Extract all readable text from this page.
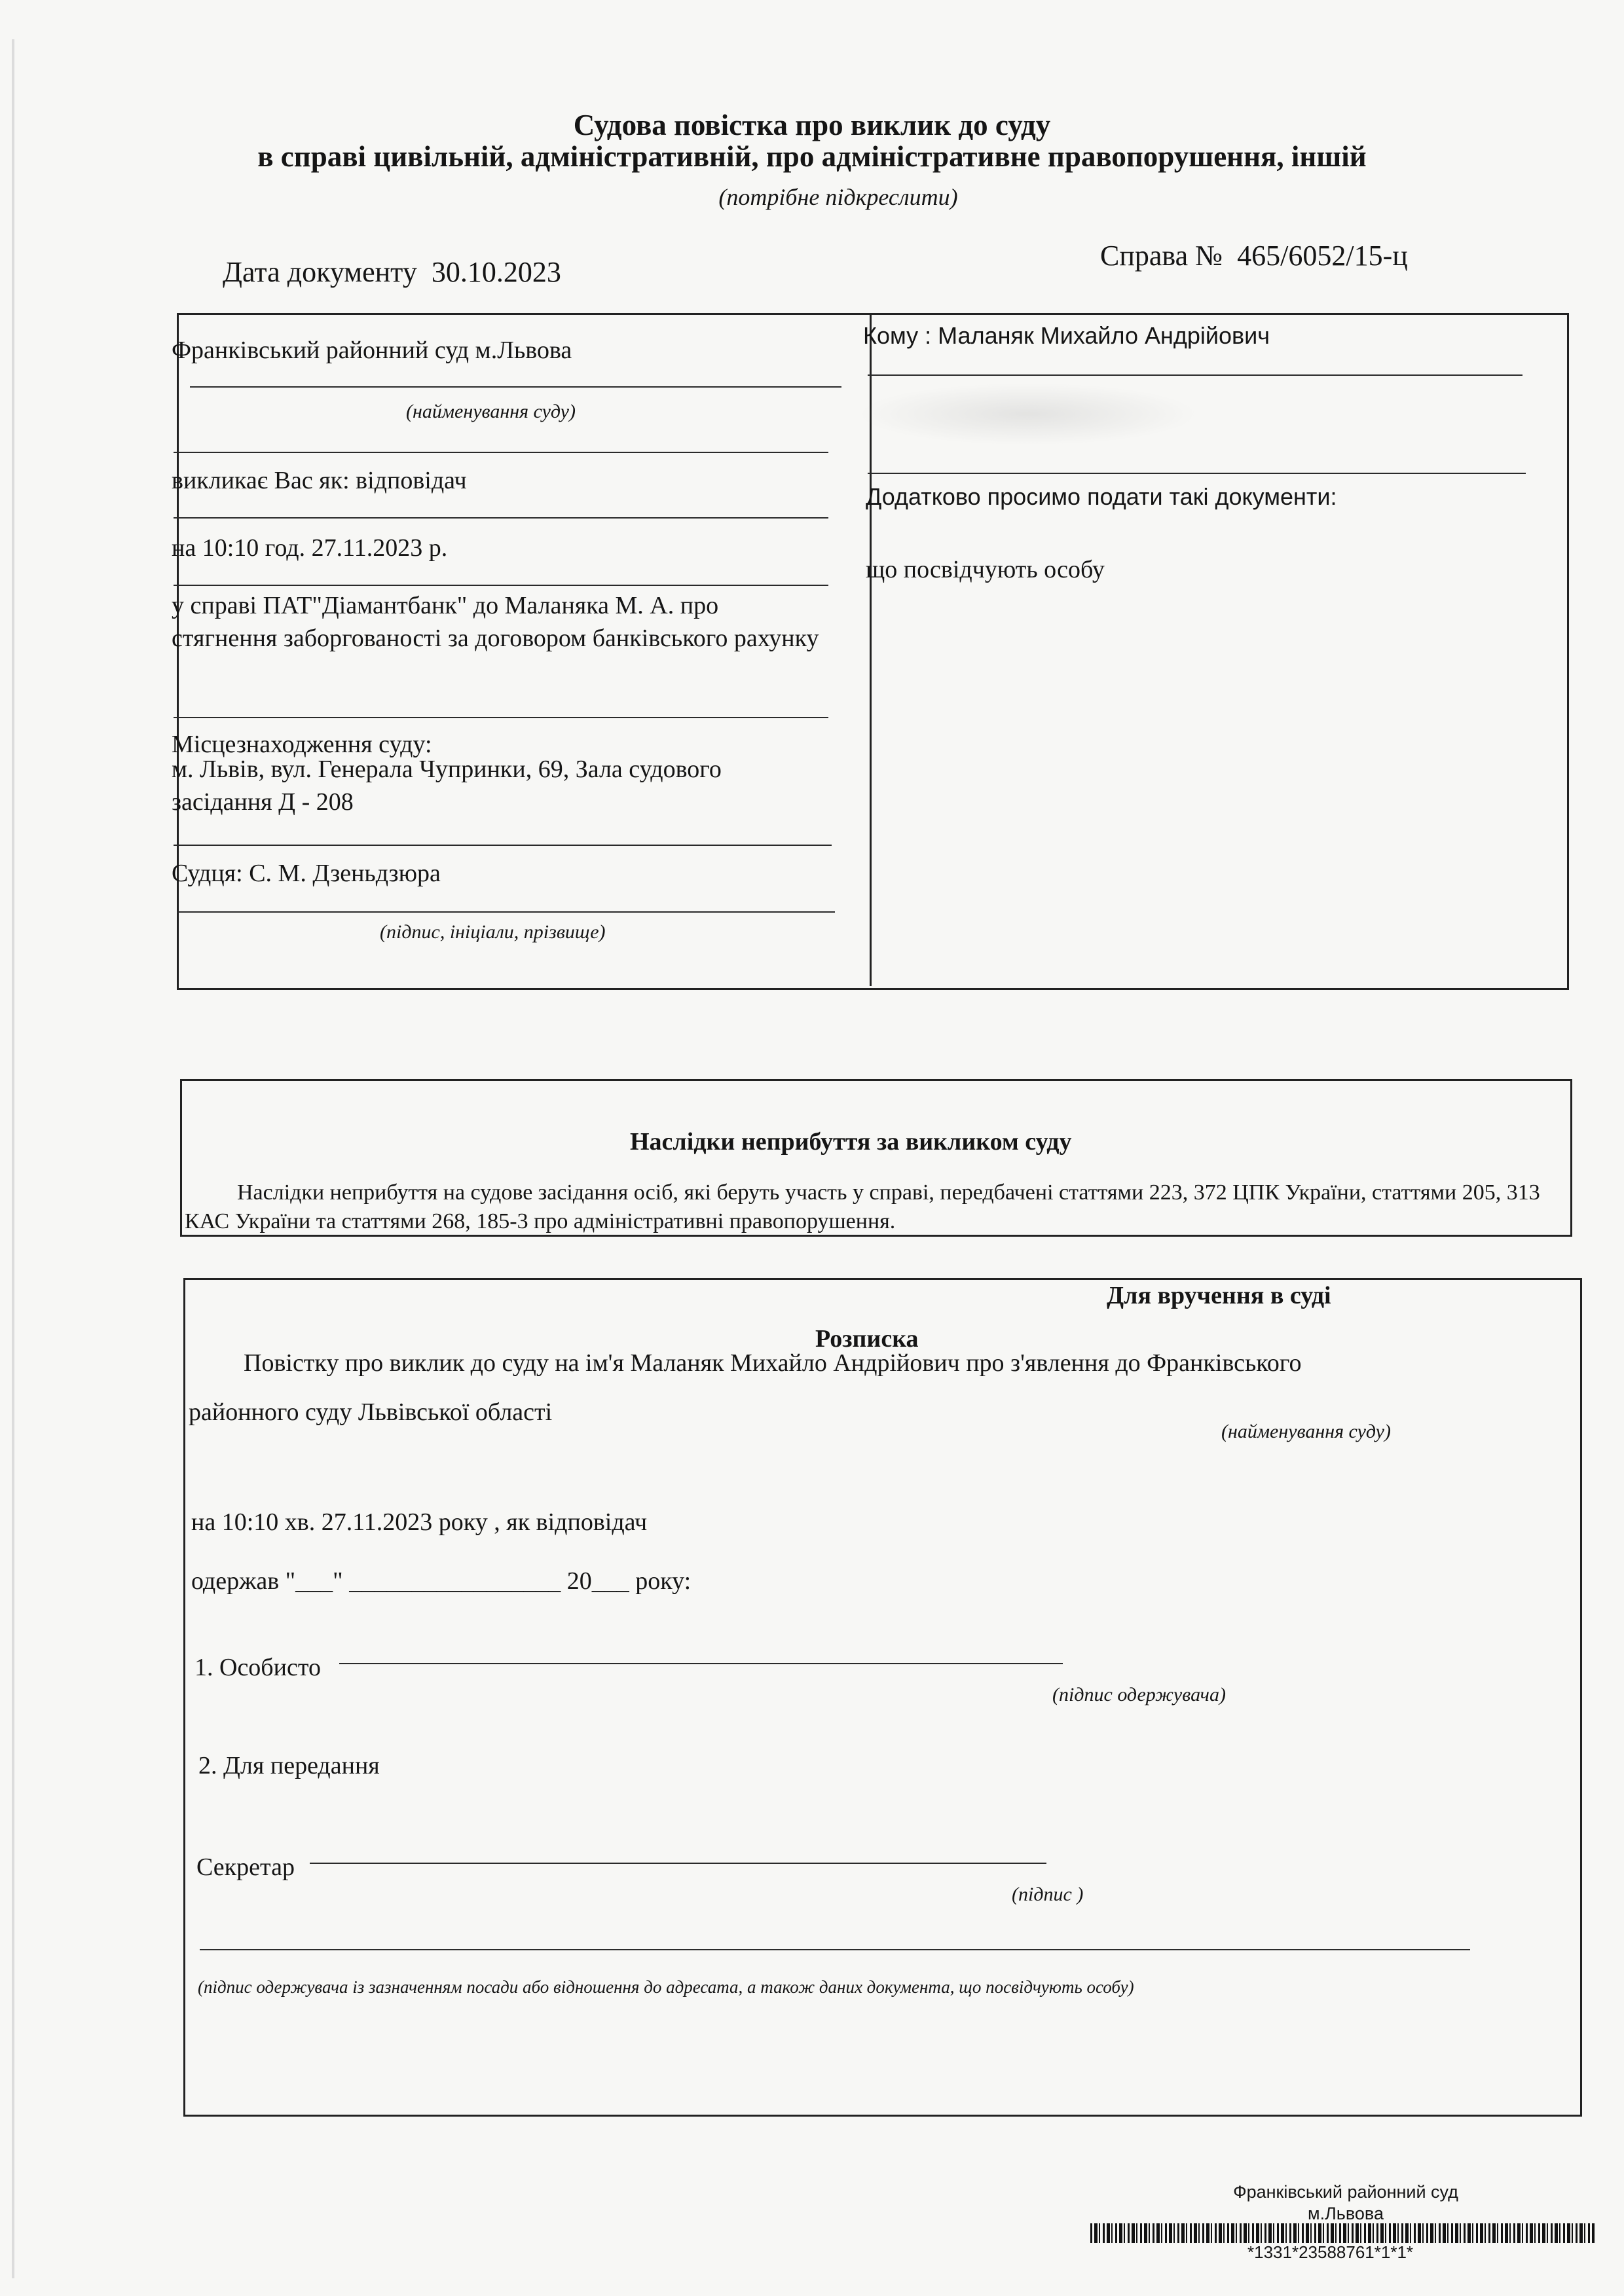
Судова повістка про виклик до суду
в справі цивільній, адміністративній, про адміністративне правопорушення, іншій
(потрібне підкреслити)
Дата документу 30.10.2023
Справа № 465/6052/15-ц
Франківський районний суд м.Львова
(найменування суду)
викликає Вас як: відповідач
на 10:10 год. 27.11.2023 р.
у справі ПАТ"Діамантбанк" до Маланяка М. А. про стягнення заборгованості за договором банківського рахунку
Місцезнаходження суду:
м. Львів, вул. Генерала Чупринки, 69, Зала судового засідання Д - 208
Судця: С. М. Дзеньдзюра
(підпис, ініціали, прізвище)
Кому : Маланяк Михайло Андрійович
Додатково просимо подати такі документи:
що посвідчують особу
Наслідки неприбуття за викликом суду
Наслідки неприбуття на судове засідання осіб, які беруть участь у справі, передбачені статтями 223, 372 ЦПК України, статтями 205, 313 КАС України та статтями 268, 185-3 про адміністративні правопорушення.
Для вручення в суді
Розписка
Повістку про виклик до суду на ім'я Маланяк Михайло Андрійович про з'явлення до Франківського
районного суду Львівської області
(найменування суду)
на 10:10 хв. 27.11.2023 року , як відповідач
одержав "___" _________________ 20___ року:
1. Особисто
(підпис одержувача)
2. Для передання
Секретар
(підпис )
(підпис одержувача із зазначенням посади або відношення до адресата, а також даних документа, що посвідчують особу)
Франківський районний суд
м.Львова
*1331*23588761*1*1*
